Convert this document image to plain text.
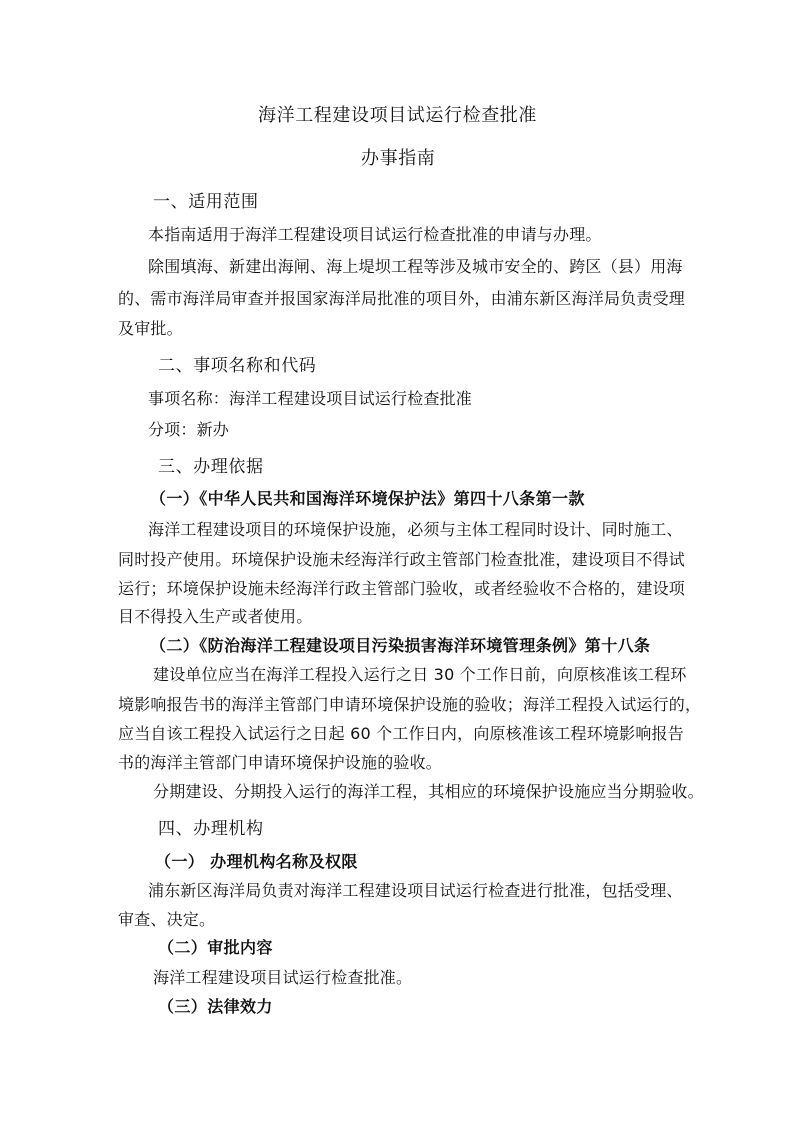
海洋工程建设项目试运行检查批准
办事指南
一、适用范围
本指南适用于海洋工程建设项目试运行检查批准的申请与办理。
除围填海、新建出海闸、海上堤坝工程等涉及城市安全的、跨区（县）用海
的、需市海洋局审查并报国家海洋局批准的项目外，由浦东新区海洋局负责受理
及审批。
二、事项名称和代码
事项名称：海洋工程建设项目试运行检查批准
分项：新办
三、办理依据
（一）《中华人民共和国海洋环境保护法》第四十八条第一款
海洋工程建设项目的环境保护设施，必须与主体工程同时设计、同时施工、
同时投产使用。环境保护设施未经海洋行政主管部门检查批准，建设项目不得试
运行；环境保护设施未经海洋行政主管部门验收，或者经验收不合格的，建设项
目不得投入生产或者使用。
（二）《防治海洋工程建设项目污染损害海洋环境管理条例》第十八条
建设单位应当在海洋工程投入运行之日 30 个工作日前，向原核准该工程环
境影响报告书的海洋主管部门申请环境保护设施的验收；海洋工程投入试运行的，
应当自该工程投入试运行之日起 60 个工作日内，向原核准该工程环境影响报告
书的海洋主管部门申请环境保护设施的验收。
分期建设、分期投入运行的海洋工程，其相应的环境保护设施应当分期验收。
四、办理机构
（一） 办理机构名称及权限
浦东新区海洋局负责对海洋工程建设项目试运行检查进行批准，包括受理、
审查、决定。
（二）审批内容
海洋工程建设项目试运行检查批准。
（三）法律效力
